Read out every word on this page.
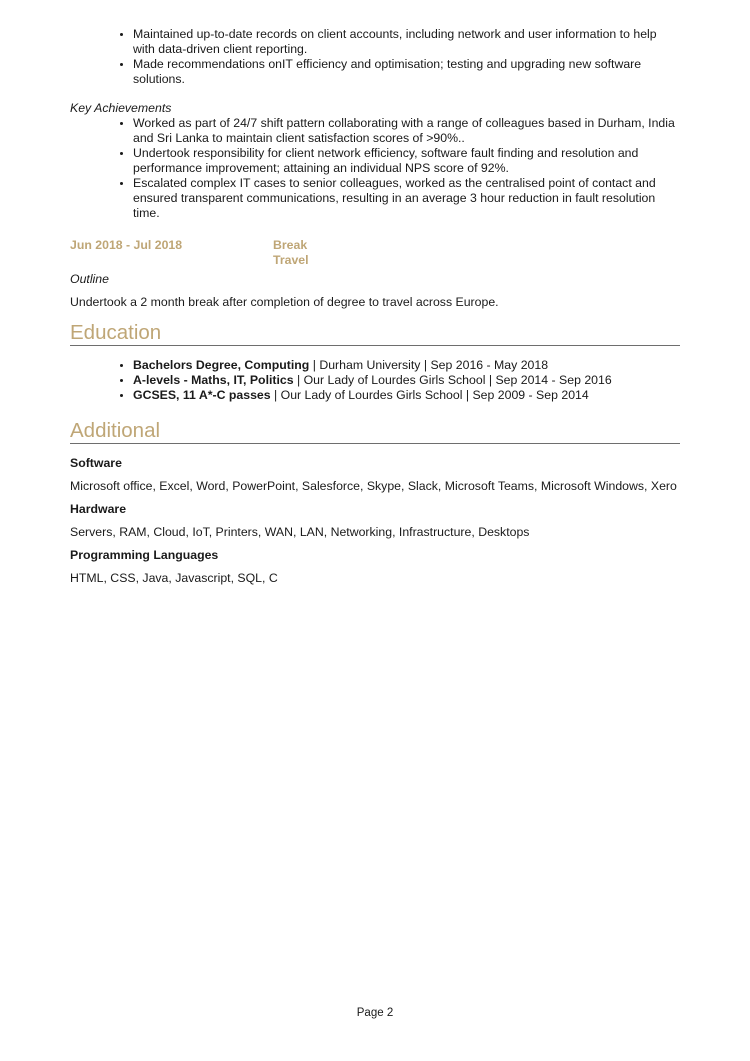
• Maintained up-to-date records on client accounts, including network and user information to help with data-driven client reporting.
• Made recommendations onIT efficiency and optimisation; testing and upgrading new software solutions.

Key Achievements

• Worked as part of 24/7 shift pattern collaborating with a range of colleagues based in Durham, India and Sri Lanka to maintain client satisfaction scores of >90%..
• Undertook responsibility for client network efficiency, software fault finding and resolution and performance improvement; attaining an individual NPS score of 92%.
• Escalated complex IT cases to senior colleagues, worked as the centralised point of contact and ensured transparent communications, resulting in an average 3 hour reduction in fault resolution time.
Jun 2018 - Jul 2018	Break
Travel

Outline

Undertook a 2 month break after completion of degree to travel across Europe.

Education
• Bachelors Degree, Computing | Durham University | Sep 2016 - May 2018
• A-levels - Maths, IT, Politics | Our Lady of Lourdes Girls School | Sep 2014 - Sep 2016
• GCSES, 11 A*-C passes | Our Lady of Lourdes Girls School | Sep 2009 - Sep 2014
Additional

Software

Microsoft office, Excel, Word, PowerPoint, Salesforce, Skype, Slack, Microsoft Teams, Microsoft Windows, Xero

Hardware

Servers, RAM, Cloud, IoT, Printers, WAN, LAN, Networking, Infrastructure, Desktops

Programming Languages

HTML, CSS, Java, Javascript, SQL, C

Page 2
